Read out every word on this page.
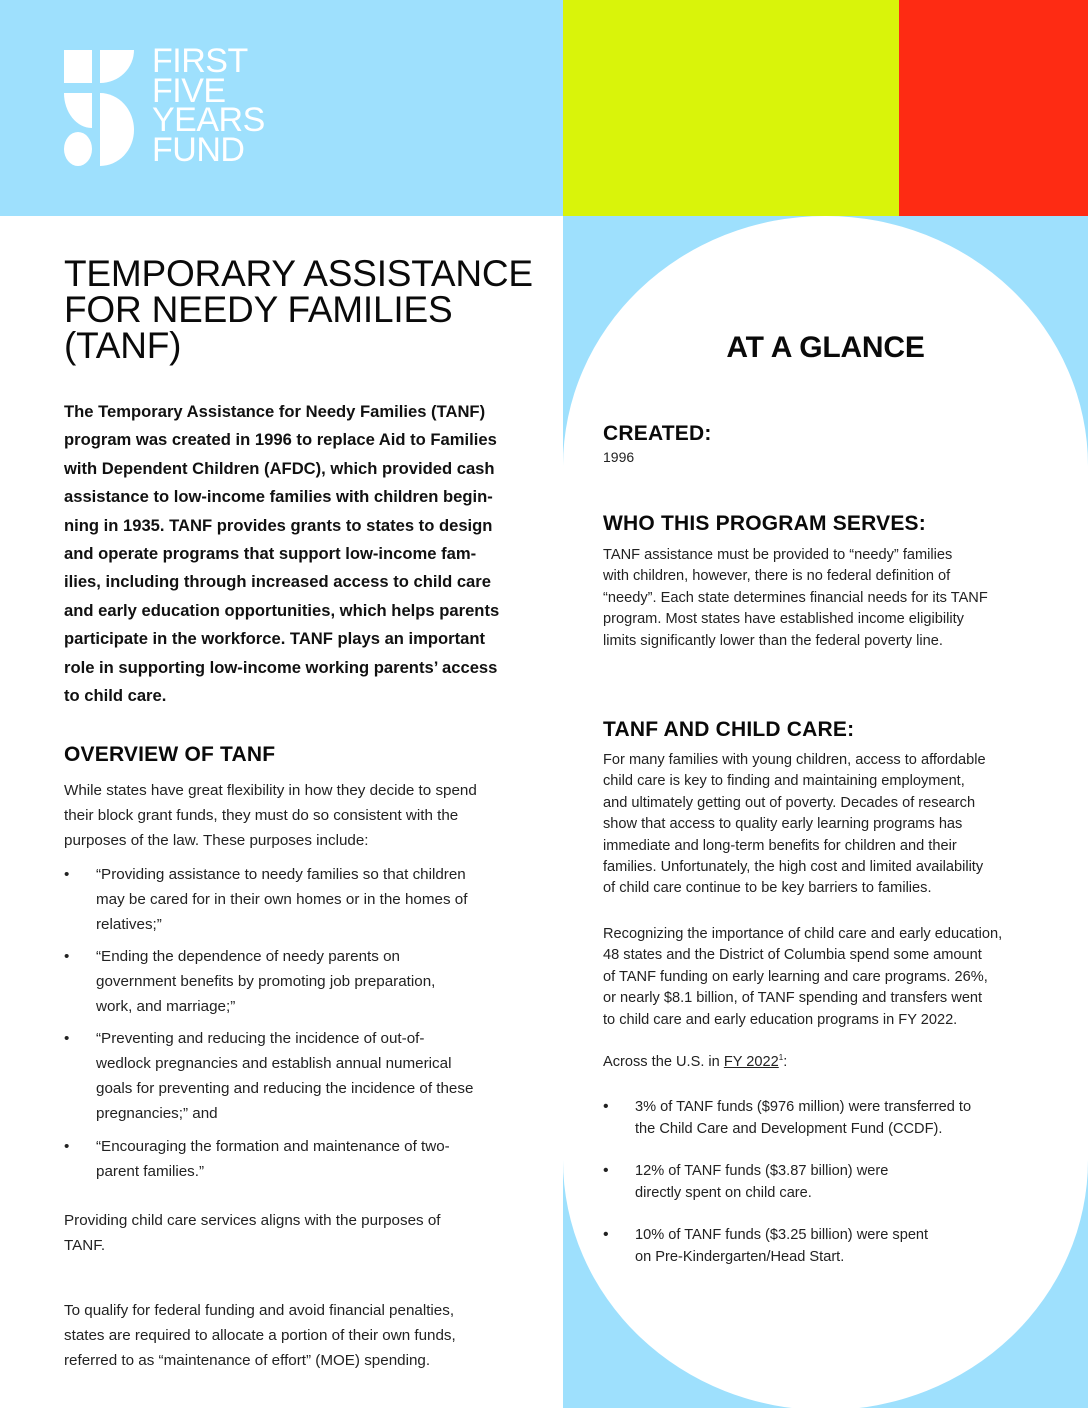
FIRST
FIVE
YEARS
FUND
TEMPORARY ASSISTANCE
FOR NEEDY FAMILIES
(TANF)
The Temporary Assistance for Needy Families (TANF)
program was created in 1996 to replace Aid to Families
with Dependent Children (AFDC), which provided cash
assistance to low-income families with children begin-
ning in 1935. TANF provides grants to states to design
and operate programs that support low-income fam-
ilies, including through increased access to child care
and early education opportunities, which helps parents
participate in the workforce. TANF plays an important
role in supporting low-income working parents’ access
to child care.
OVERVIEW OF TANF
While states have great flexibility in how they decide to spend
their block grant funds, they must do so consistent with the
purposes of the law. These purposes include:
• “Providing assistance to needy families so that children
may be cared for in their own homes or in the homes of
relatives;”
• “Ending the dependence of needy parents on
government benefits by promoting job preparation,
work, and marriage;”
• “Preventing and reducing the incidence of out-of-
wedlock pregnancies and establish annual numerical
goals for preventing and reducing the incidence of these
pregnancies;” and
• “Encouraging the formation and maintenance of two-
parent families.”
Providing child care services aligns with the purposes of
TANF.
To qualify for federal funding and avoid financial penalties,
states are required to allocate a portion of their own funds,
referred to as “maintenance of effort” (MOE) spending.
AT A GLANCE
CREATED:
1996
WHO THIS PROGRAM SERVES:
TANF assistance must be provided to “needy” families
with children, however, there is no federal definition of
“needy”. Each state determines financial needs for its TANF
program. Most states have established income eligibility
limits significantly lower than the federal poverty line.
TANF AND CHILD CARE:
For many families with young children, access to affordable
child care is key to finding and maintaining employment,
and ultimately getting out of poverty. Decades of research
show that access to quality early learning programs has
immediate and long-term benefits for children and their
families. Unfortunately, the high cost and limited availability
of child care continue to be key barriers to families.
Recognizing the importance of child care and early education,
48 states and the District of Columbia spend some amount
of TANF funding on early learning and care programs. 26%,
or nearly $8.1 billion, of TANF spending and transfers went
to child care and early education programs in FY 2022.
Across the U.S. in FY 2022$^1$:
• 3% of TANF funds ($976 million) were transferred to
the Child Care and Development Fund (CCDF).
• 12% of TANF funds ($3.87 billion) were
directly spent on child care.
• 10% of TANF funds ($3.25 billion) were spent
on Pre-Kindergarten/Head Start.
